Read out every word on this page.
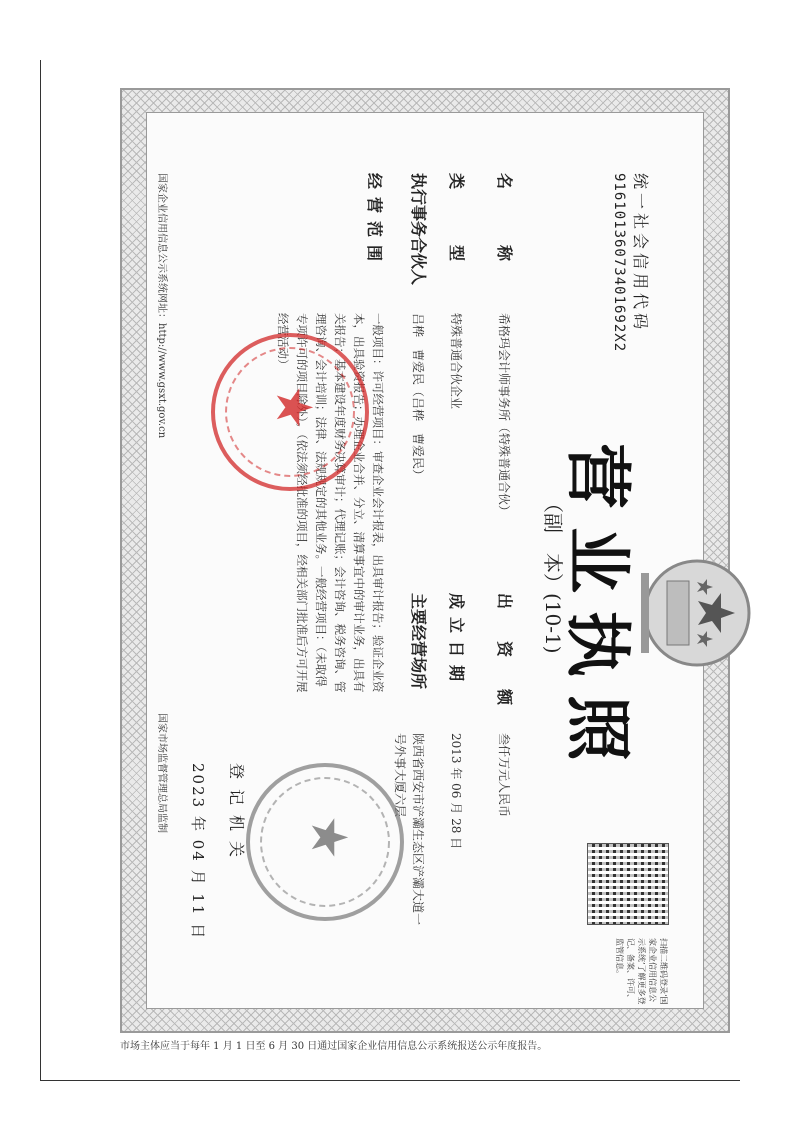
统一社会信用代码
91610136073401692X2
营业执照
（副　本）(10-1)
扫描二维码登录‘国家企业信用信息公示系统’了解更多登记、备案、许可、监管信息。
名　　称
希格玛会计师事务所（特殊普通合伙）
类　　型
特殊普通合伙企业
执行事务合伙人
吕桦　曹爱民（吕桦　曹爱民）
经营范围
一般项目：许可经营项目：审查企业会计报表，出具审计报告；验证企业资本，出具验资报告；办理企业合并、分立、清算事宜中的审计业务，出具有关报告；基本建设年度财务决算审计；代理记账；会计咨询、税务咨询、管理咨询、会计培训；法律、法规规定的其他业务。一般经营项目：（未取得专项许可的项目除外）。（依法须经批准的项目，经相关部门批准后方可开展经营活动）
出　资　额
叁仟万元人民币
成立日期
2013 年 06 月 28 日
主要经营场所
陕西省西安市浐灞生态区浐灞大道一号外事大厦六层
★
★
登记机关
2023 年 04 月 11 日
国家企业信用信息公示系统网址：http://www.gsxt.gov.cn
国家市场监督管理总局监制
市场主体应当于每年 1 月 1 日至 6 月 30 日通过国家企业信用信息公示系统报送公示年度报告。
